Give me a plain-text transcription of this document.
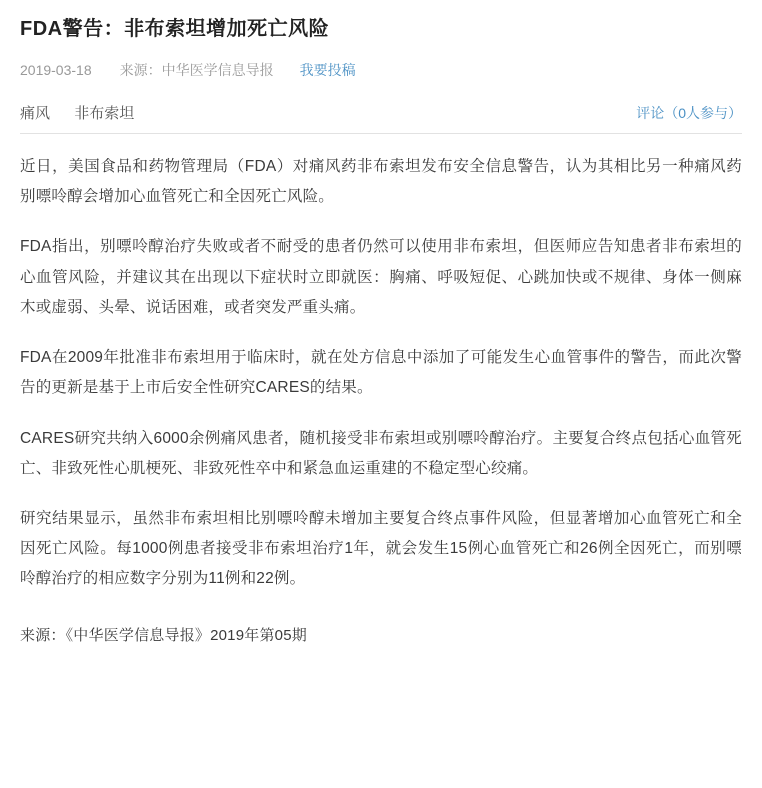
FDA警告：非布索坦增加死亡风险
2019-03-18 来源： 中华医学信息导报 我要投稿
痛风 非布索坦	评论（0人参与）

近日，美国食品和药物管理局（FDA）对痛风药非布索坦发布安全信息警告，认为其相比另一种痛风药别嘌呤醇会增加心血管死亡和全因死亡风险。

FDA指出，别嘌呤醇治疗失败或者不耐受的患者仍然可以使用非布索坦，但医师应告知患者非布索坦的心血管风险，并建议其在出现以下症状时立即就医：胸痛、呼吸短促、心跳加快或不规律、身体一侧麻木或虚弱、头晕、说话困难，或者突发严重头痛。

FDA在2009年批准非布索坦用于临床时，就在处方信息中添加了可能发生心血管事件的警告，而此次警告的更新是基于上市后安全性研究CARES的结果。

CARES研究共纳入6000余例痛风患者，随机接受非布索坦或别嘌呤醇治疗。主要复合终点包括心血管死亡、非致死性心肌梗死、非致死性卒中和紧急血运重建的不稳定型心绞痛。

研究结果显示，虽然非布索坦相比别嘌呤醇未增加主要复合终点事件风险，但显著增加心血管死亡和全因死亡风险。每1000例患者接受非布索坦治疗1年，就会发生15例心血管死亡和26例全因死亡，而别嘌呤醇治疗的相应数字分别为11例和22例。

来源：《中华医学信息导报》2019年第05期
